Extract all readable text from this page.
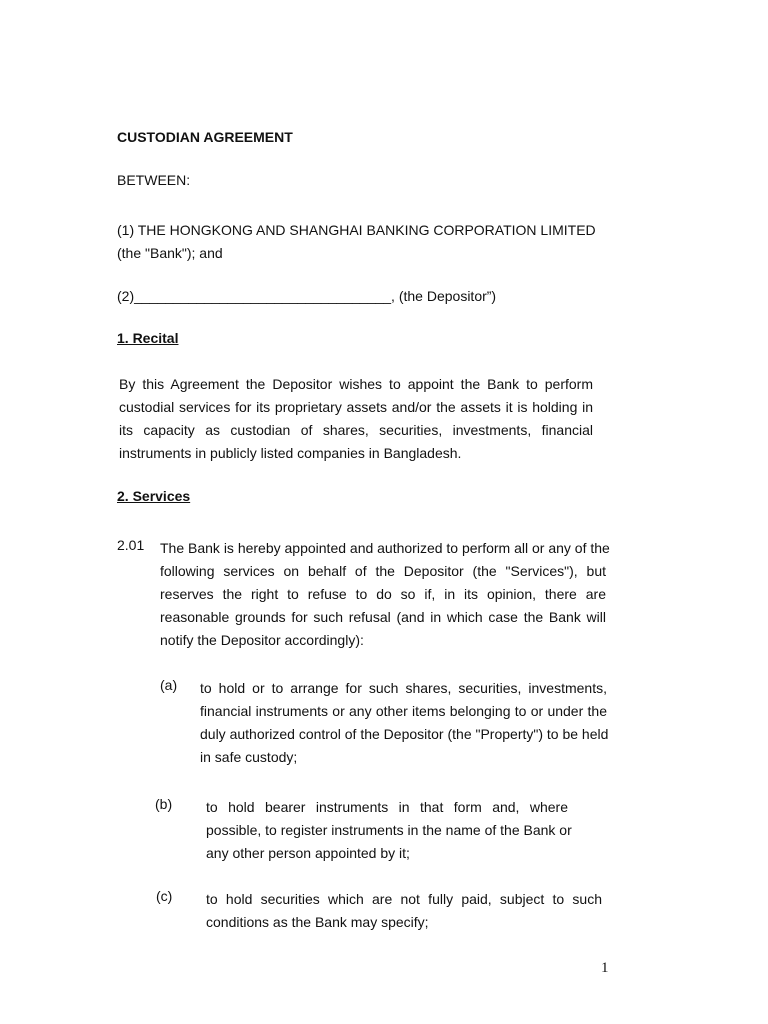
CUSTODIAN AGREEMENT
BETWEEN:
(1) THE HONGKONG AND SHANGHAI BANKING CORPORATION LIMITED
(the "Bank"); and
(2)_________________________________, (the Depositor”)
1. Recital
By this Agreement the Depositor wishes to appoint the Bank to perform
custodial services for its proprietary assets and/or the assets it is holding in
its capacity as custodian of shares, securities, investments, financial
instruments in publicly listed companies in Bangladesh.
2. Services
2.01 The Bank is hereby appointed and authorized to perform all or any of the
following services on behalf of the Depositor (the "Services"), but
reserves the right to refuse to do so if, in its opinion, there are
reasonable grounds for such refusal (and in which case the Bank will
notify the Depositor accordingly):
(a) to hold or to arrange for such shares, securities, investments,
financial instruments or any other items belonging to or under the
duly authorized control of the Depositor (the "Property") to be held
in safe custody;
(b) to hold bearer instruments in that form and, where
possible, to register instruments in the name of the Bank or
any other person appointed by it;
(c) to hold securities which are not fully paid, subject to such
conditions as the Bank may specify;
1
